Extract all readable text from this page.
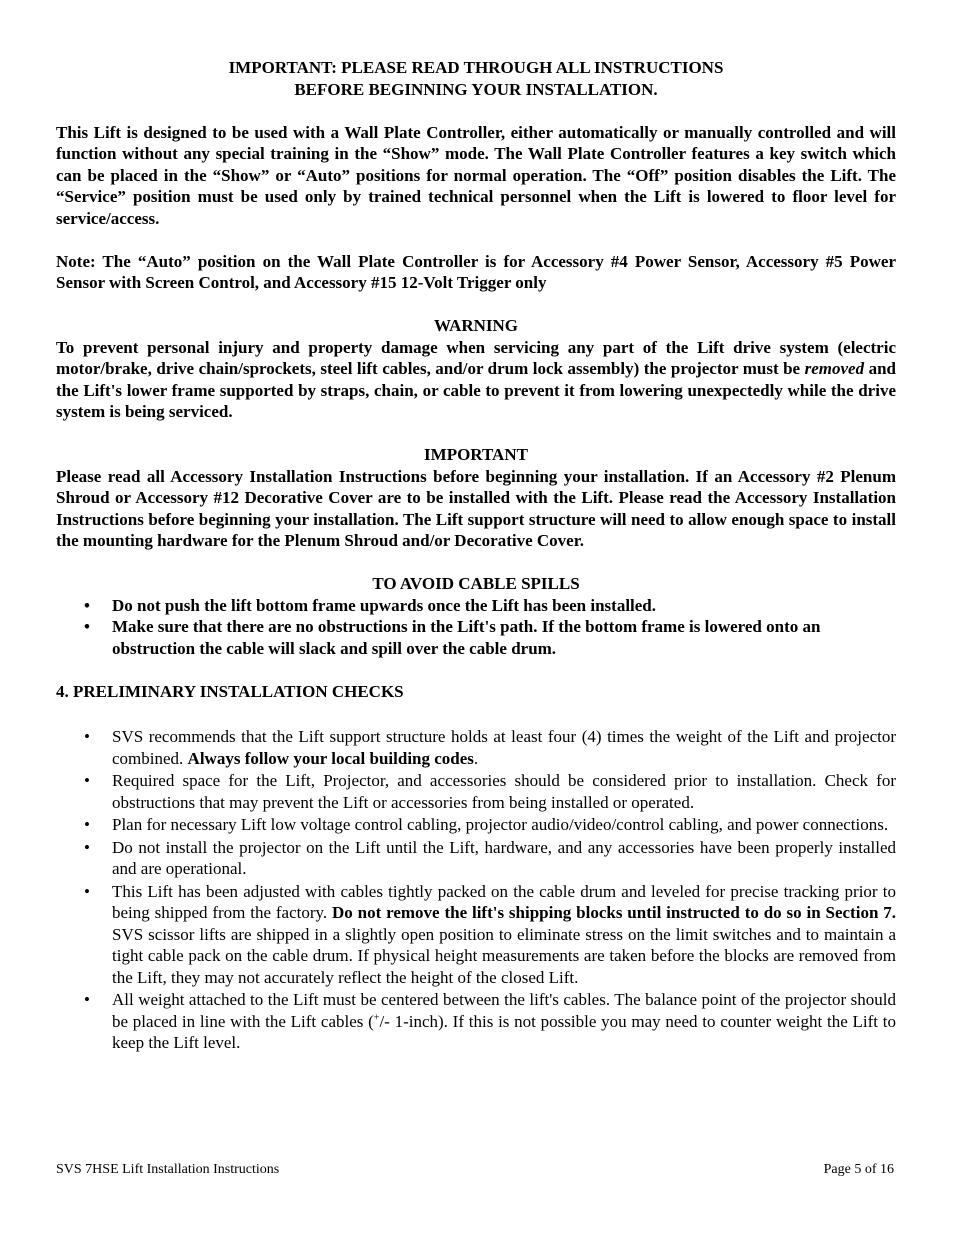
IMPORTANT: PLEASE READ THROUGH ALL INSTRUCTIONS

BEFORE BEGINNING YOUR INSTALLATION.

This Lift is designed to be used with a Wall Plate Controller, either automatically or manually controlled and will function without any special training in the “Show” mode. The Wall Plate Controller features a key switch which can be placed in the “Show” or “Auto” positions for normal operation. The “Off” position disables the Lift. The “Service” position must be used only by trained technical personnel when the Lift is lowered to floor level for service/access.

Note: The “Auto” position on the Wall Plate Controller is for Accessory #4 Power Sensor, Accessory #5 Power Sensor with Screen Control, and Accessory #15 12-Volt Trigger only

WARNING

To prevent personal injury and property damage when servicing any part of the Lift drive system (electric motor/brake, drive chain/sprockets, steel lift cables, and/or drum lock assembly) the projector must be removed and the Lift's lower frame supported by straps, chain, or cable to prevent it from lowering unexpectedly while the drive system is being serviced.

IMPORTANT

Please read all Accessory Installation Instructions before beginning your installation. If an Accessory #2 Plenum Shroud or Accessory #12 Decorative Cover are to be installed with the Lift. Please read the Accessory Installation Instructions before beginning your installation. The Lift support structure will need to allow enough space to install the mounting hardware for the Plenum Shroud and/or Decorative Cover.

TO AVOID CABLE SPILLS

• Do not push the lift bottom frame upwards once the Lift has been installed.
• Make sure that there are no obstructions in the Lift's path. If the bottom frame is lowered onto an obstruction the cable will slack and spill over the cable drum.

4. PRELIMINARY INSTALLATION CHECKS

• SVS recommends that the Lift support structure holds at least four (4) times the weight of the Lift and projector combined. Always follow your local building codes.
• Required space for the Lift, Projector, and accessories should be considered prior to installation. Check for obstructions that may prevent the Lift or accessories from being installed or operated.
• Plan for necessary Lift low voltage control cabling, projector audio/video/control cabling, and power connections.
• Do not install the projector on the Lift until the Lift, hardware, and any accessories have been properly installed and are operational.
• This Lift has been adjusted with cables tightly packed on the cable drum and leveled for precise tracking prior to being shipped from the factory. Do not remove the lift's shipping blocks until instructed to do so in Section 7. SVS scissor lifts are shipped in a slightly open position to eliminate stress on the limit switches and to maintain a tight cable pack on the cable drum. If physical height measurements are taken before the blocks are removed from the Lift, they may not accurately reflect the height of the closed Lift.
• All weight attached to the Lift must be centered between the lift's cables. The balance point of the projector should be placed in line with the Lift cables (+/- 1-inch). If this is not possible you may need to counter weight the Lift to keep the Lift level.
SVS 7HSE Lift Installation Instructions	Page 5 of 16
